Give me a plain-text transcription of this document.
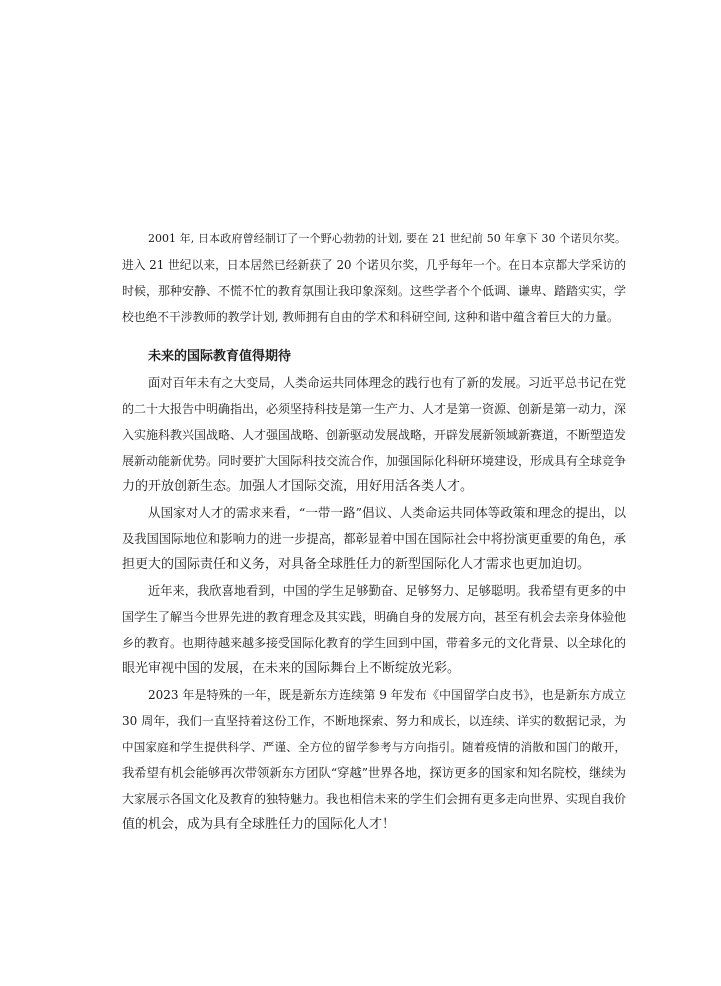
2001 年, 日本政府曾经制订了一个野心勃勃的计划, 要在 21 世纪前 50 年拿下 30 个诺贝尔奖。
进入 21 世纪以来，日本居然已经新获了 20 个诺贝尔奖，几乎每年一个。在日本京都大学采访的
时候，那种安静、不慌不忙的教育氛围让我印象深刻。这些学者个个低调、谦卑、踏踏实实，学
校也绝不干涉教师的教学计划, 教师拥有自由的学术和科研空间, 这种和谐中蕴含着巨大的力量。

未来的国际教育值得期待

面对百年未有之大变局，人类命运共同体理念的践行也有了新的发展。习近平总书记在党
的二十大报告中明确指出，必须坚持科技是第一生产力、人才是第一资源、创新是第一动力，深
入实施科教兴国战略、人才强国战略、创新驱动发展战略，开辟发展新领域新赛道，不断塑造发
展新动能新优势。同时要扩大国际科技交流合作，加强国际化科研环境建设，形成具有全球竞争
力的开放创新生态。加强人才国际交流，用好用活各类人才。

从国家对人才的需求来看，“一带一路”倡议、人类命运共同体等政策和理念的提出，以
及我国国际地位和影响力的进一步提高，都彰显着中国在国际社会中将扮演更重要的角色，承
担更大的国际责任和义务，对具备全球胜任力的新型国际化人才需求也更加迫切。

近年来，我欣喜地看到，中国的学生足够勤奋、足够努力、足够聪明。我希望有更多的中
国学生了解当今世界先进的教育理念及其实践，明确自身的发展方向，甚至有机会去亲身体验他
乡的教育。也期待越来越多接受国际化教育的学生回到中国，带着多元的文化背景、以全球化的
眼光审视中国的发展，在未来的国际舞台上不断绽放光彩。

2023 年是特殊的一年，既是新东方连续第 9 年发布《中国留学白皮书》，也是新东方成立
30 周年，我们一直坚持着这份工作，不断地探索、努力和成长，以连续、详实的数据记录，为
中国家庭和学生提供科学、严谨、全方位的留学参考与方向指引。随着疫情的消散和国门的敞开，
我希望有机会能够再次带领新东方团队“穿越”世界各地，探访更多的国家和知名院校，继续为
大家展示各国文化及教育的独特魅力。我也相信未来的学生们会拥有更多走向世界、实现自我价
值的机会，成为具有全球胜任力的国际化人才！
